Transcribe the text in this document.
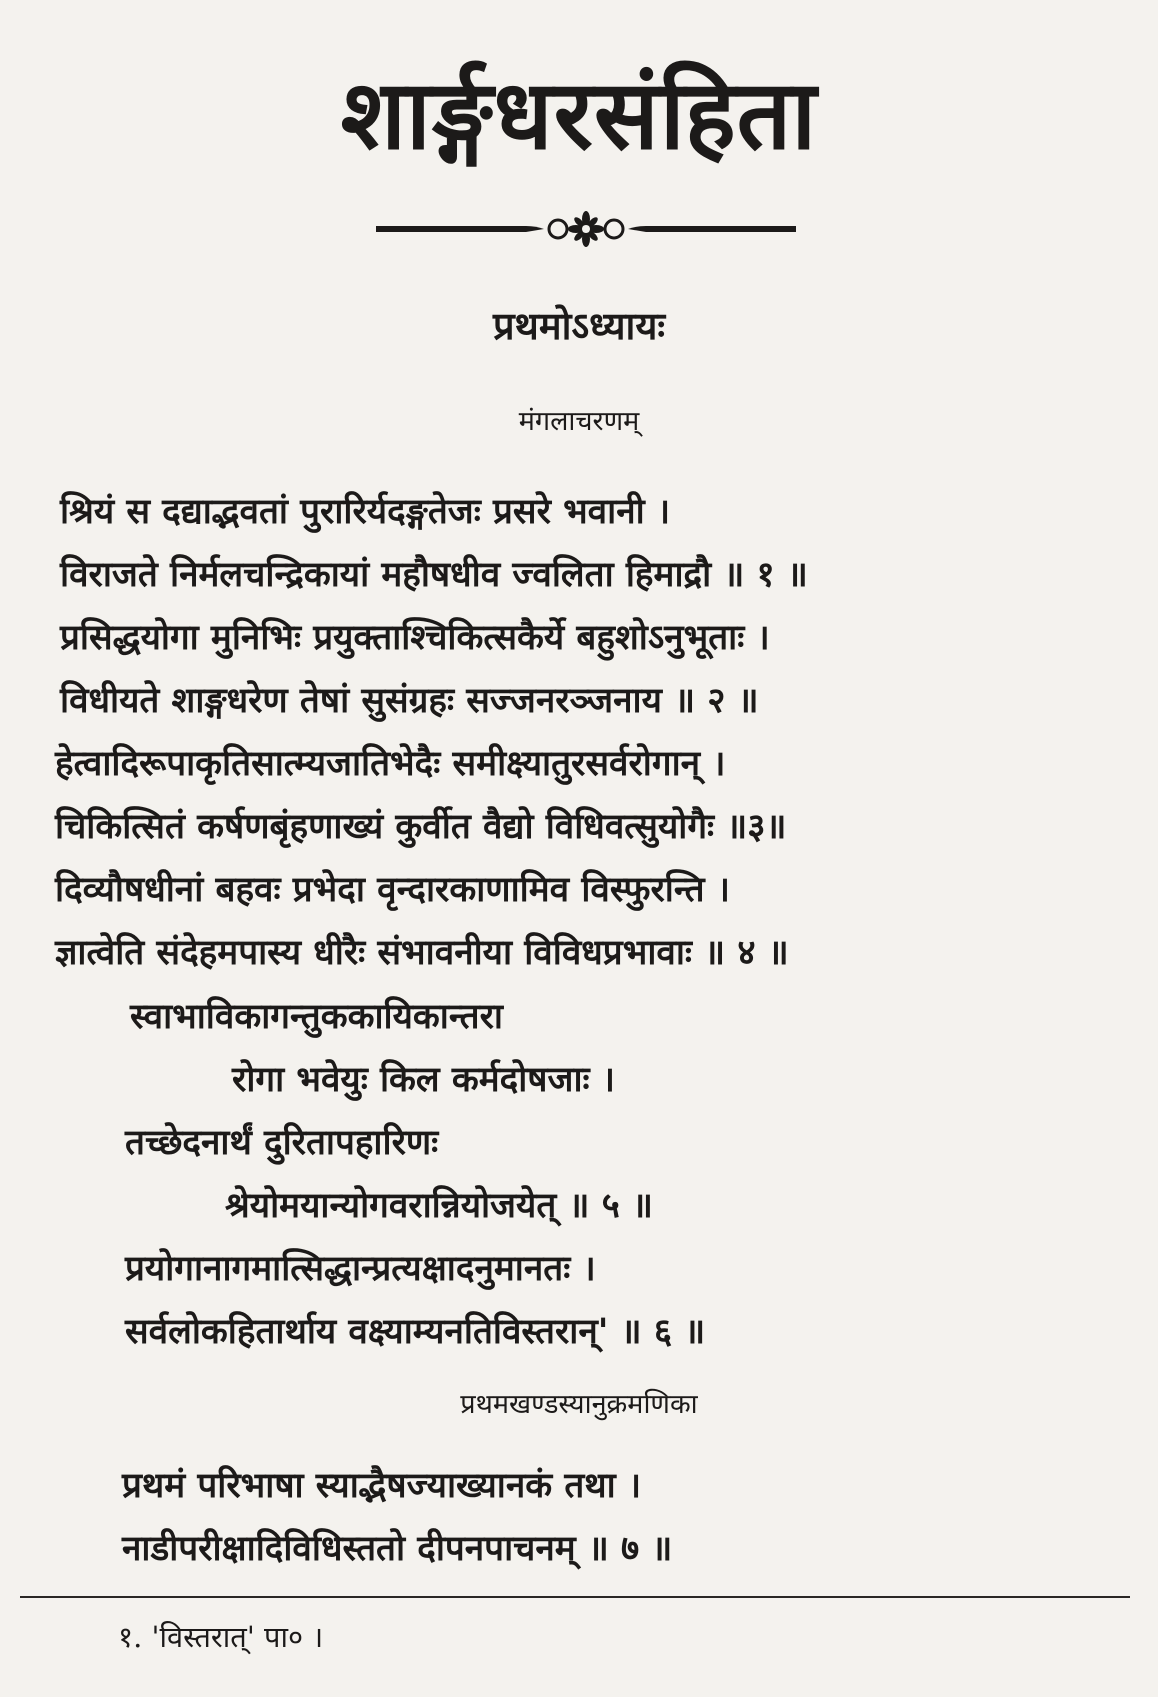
शार्ङ्गधरसंहिता
प्रथमोऽध्यायः
मंगलाचरणम्
श्रियं स दद्याद्भवतां पुरारिर्यदङ्गतेजः प्रसरे भवानी ।
विराजते निर्मलचन्द्रिकायां महौषधीव ज्वलिता हिमाद्रौ ॥ १ ॥
प्रसिद्धयोगा मुनिभिः प्रयुक्ताश्चिकित्सकैर्ये बहुशोऽनुभूताः ।
विधीयते शाङ्गधरेण तेषां सुसंग्रहः सज्जनरञ्जनाय ॥ २ ॥
हेत्वादिरूपाकृतिसात्म्यजातिभेदैः समीक्ष्यातुरसर्वरोगान् ।
चिकित्सितं कर्षणबृंहणाख्यं कुर्वीत वैद्यो विधिवत्सुयोगैः ॥३॥
दिव्यौषधीनां बहवः प्रभेदा वृन्दारकाणामिव विस्फुरन्ति ।
ज्ञात्वेति संदेहमपास्य धीरैः संभावनीया विविधप्रभावाः ॥ ४ ॥
स्वाभाविकागन्तुककायिकान्तरा
रोगा भवेयुः किल कर्मदोषजाः ।
तच्छेदनार्थं दुरितापहारिणः
श्रेयोमयान्योगवरान्नियोजयेत् ॥ ५ ॥
प्रयोगानागमात्सिद्धान्प्रत्यक्षादनुमानतः ।
सर्वलोकहितार्थाय वक्ष्याम्यनतिविस्तरान्' ॥ ६ ॥
प्रथमखण्डस्यानुक्रमणिका
प्रथमं परिभाषा स्याद्भैषज्याख्यानकं तथा ।
नाडीपरीक्षादिविधिस्ततो दीपनपाचनम् ॥ ७ ॥
१. 'विस्तरात्' पा० ।
